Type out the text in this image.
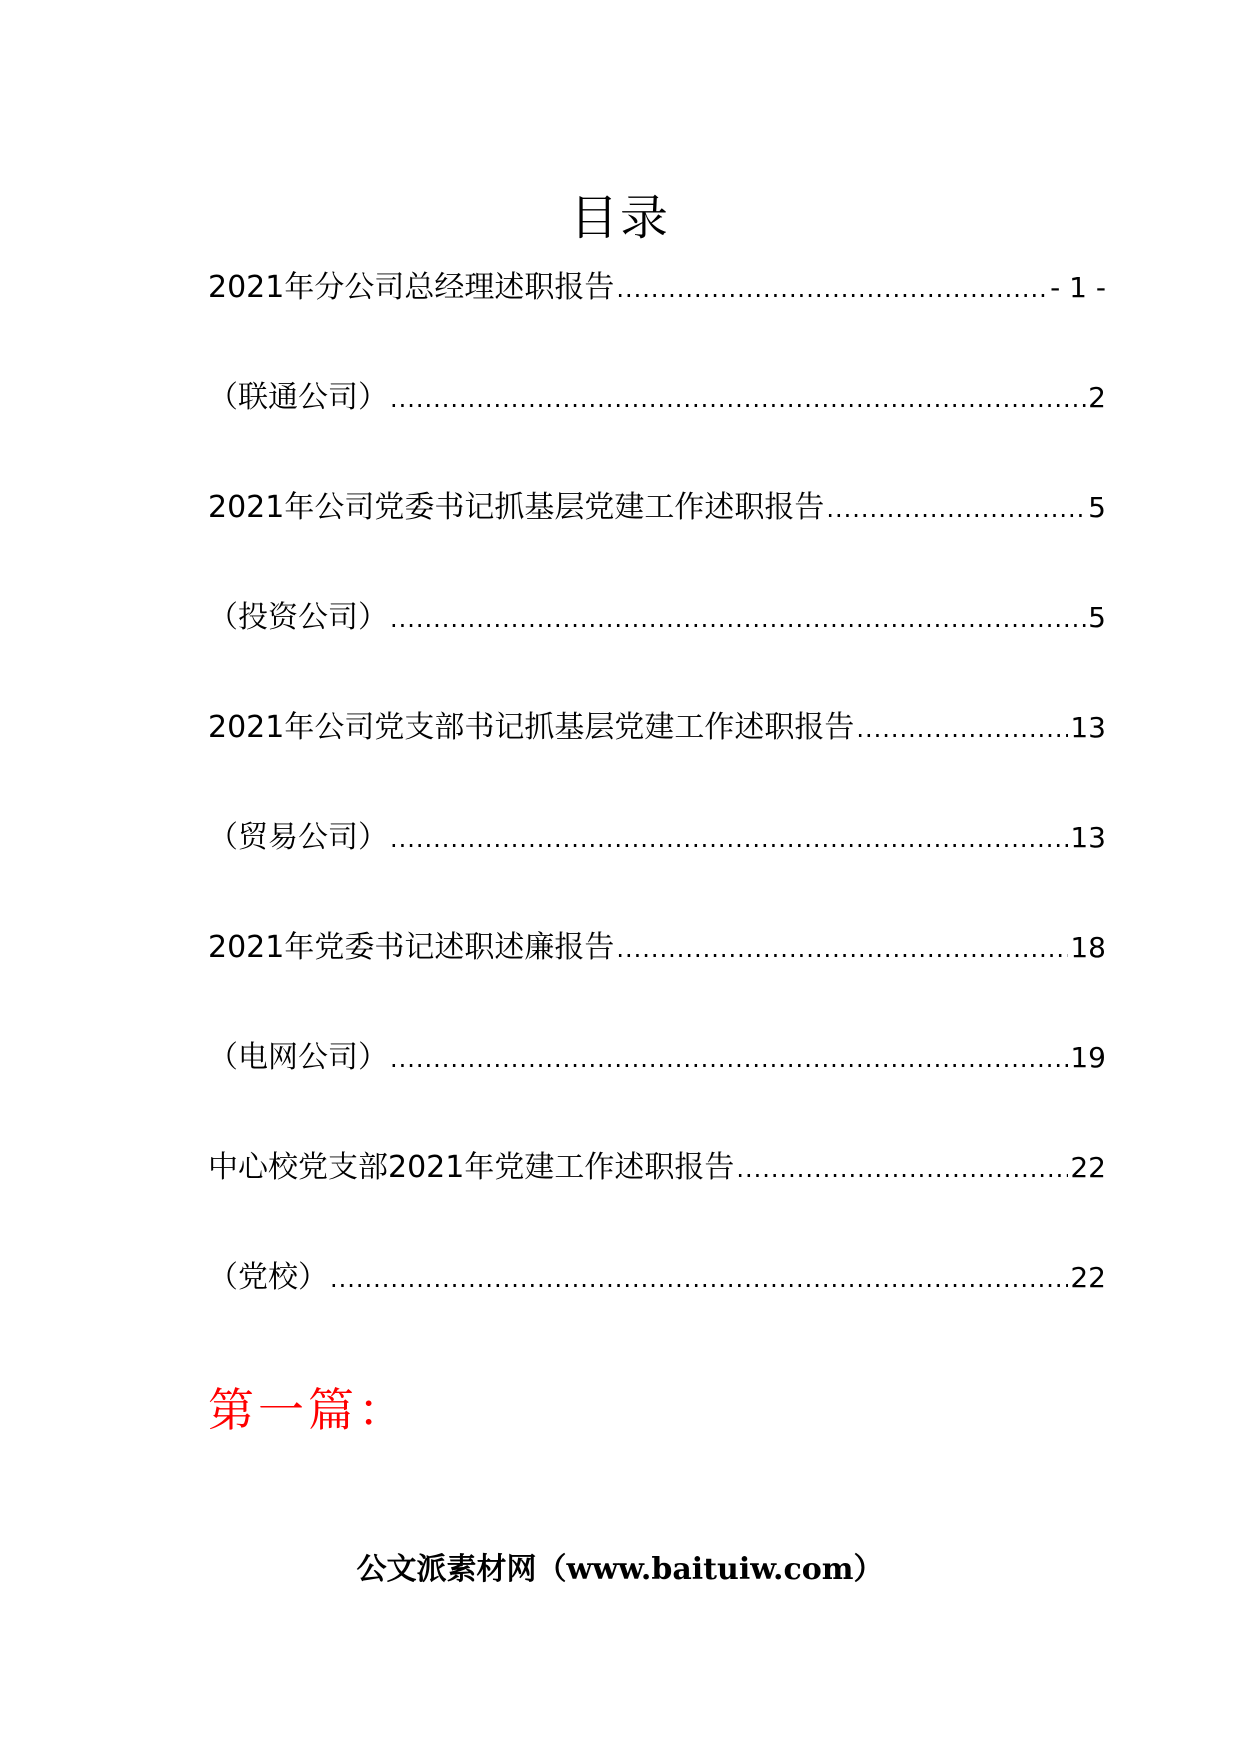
目录
2021年分公司总经理述职报告 .....	- 1 -
（联通公司） .....	2
2021年公司党委书记抓基层党建工作述职报告 .....	5
（投资公司） .....	5
2021年公司党支部书记抓基层党建工作述职报告 .....	13
（贸易公司） .....	13
2021年党委书记述职述廉报告 .....	18
（电网公司） .....	19
中心校党支部2021年党建工作述职报告 .....	22
（党校） .....	22
第一篇：
公文派素材网（www.baituiw.com）
